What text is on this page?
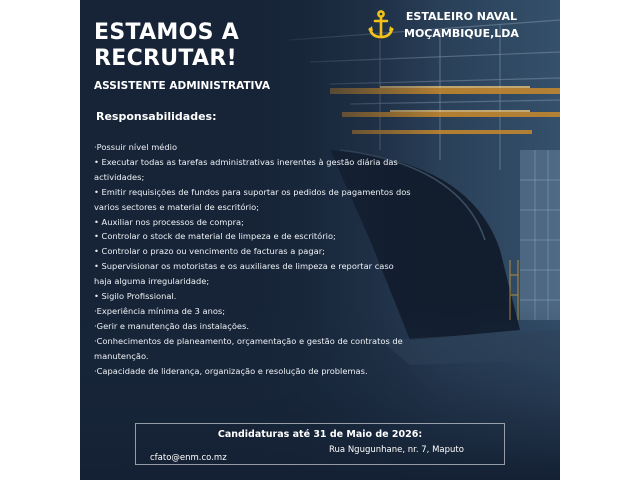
ESTAMOS A
RECRUTAR!
ASSISTENTE ADMINISTRATIVA
ESTALEIRO NAVAL
MOÇAMBIQUE,LDA
Responsabilidades:
·Possuir nível médio
• Executar todas as tarefas administrativas inerentes à gestão diária das actividades;
• Emitir requisições de fundos para suportar os pedidos de pagamentos dos varios sectores e material de escritório;
• Auxiliar nos processos de compra;
• Controlar o stock de material de limpeza e de escritório;
• Controlar o prazo ou vencimento de facturas a pagar;
• Supervisionar os motoristas e os auxiliares de limpeza e reportar caso haja alguma irregularidade;
• Sigilo Profissional.
·Experiência mínima de 3 anos;
·Gerir e manutenção das instalações.
·Conhecimentos de planeamento, orçamentação e gestão de contratos de manutenção.
·Capacidade de liderança, organização e resolução de problemas.
Candidaturas até 31 de Maio de 2026:
Rua Ngugunhane, nr. 7, Maputo
cfato@enm.co.mz
